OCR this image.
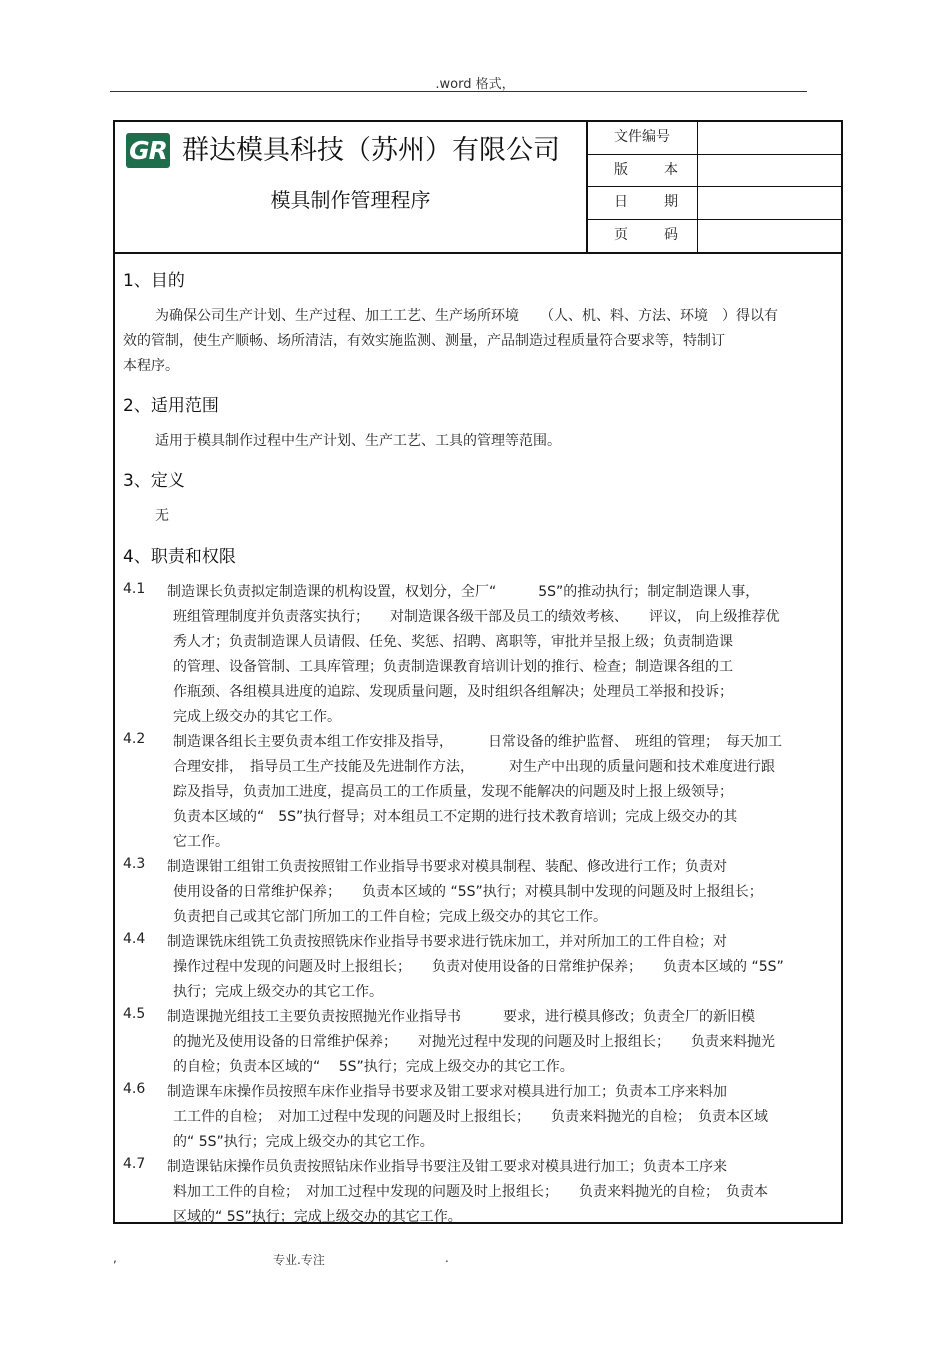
.word 格式，
GR 群达模具科技（苏州）有限公司
模具制作管理程序
文件编号
版	本
日	期
页	码
1、目的
为确保公司生产计划、生产过程、加工工艺、生产场所环境　　（人、机、料、方法、环境　）得以有
效的管制，使生产顺畅、场所清洁，有效实施监测、测量，产品制造过程质量符合要求等，特制订
本程序。
2、适用范围
适用于模具制作过程中生产计划、生产工艺、工具的管理等范围。
3、定义
无
4、职责和权限
4.1 制造课长负责拟定制造课的机构设置，权划分，全厂“　　　5S”的推动执行；制定制造课人事，
班组管理制度并负责落实执行；　　对制造课各级干部及员工的绩效考核、　　评议， 向上级推荐优
秀人才；负责制造课人员请假、任免、奖惩、招聘、离职等，审批并呈报上级；负责制造课
的管理、设备管制、工具库管理；负责制造课教育培训计划的推行、检查；制造课各组的工
作瓶颈、各组模具进度的追踪、发现质量问题，及时组织各组解决；处理员工举报和投诉；
完成上级交办的其它工作。
4.2 制造课各组长主要负责本组工作安排及指导，　　　日常设备的维护监督、　班组的管理；　每天加工
合理安排，　指导员工生产技能及先进制作方法，　　　对生产中出现的质量问题和技术难度进行跟
踪及指导，负责加工进度，提高员工的工作质量，发现不能解决的问题及时上报上级领导；
负责本区域的“　5S”执行督导；对本组员工不定期的进行技术教育培训；完成上级交办的其
它工作。
4.3 制造课钳工组钳工负责按照钳工作业指导书要求对模具制程、装配、修改进行工作；负责对
使用设备的日常维护保养；　　负责本区域的 “5S”执行；对模具制中发现的问题及时上报组长；
负责把自己或其它部门所加工的工件自检；完成上级交办的其它工作。
4.4 制造课铣床组铣工负责按照铣床作业指导书要求进行铣床加工，并对所加工的工件自检；对
操作过程中发现的问题及时上报组长；　　负责对使用设备的日常维护保养；　　负责本区域的 “5S”
执行；完成上级交办的其它工作。
4.5 制造课抛光组技工主要负责按照抛光作业指导书　　　要求，进行模具修改；负责全厂的新旧模
的抛光及使用设备的日常维护保养；　　对抛光过程中发现的问题及时上报组长；　　负责来料抛光
的自检；负责本区域的“　 5S”执行；完成上级交办的其它工作。
4.6 制造课车床操作员按照车床作业指导书要求及钳工要求对模具进行加工；负责本工序来料加
工工件的自检；　对加工过程中发现的问题及时上报组长；　　负责来料抛光的自检；　负责本区域
的“ 5S”执行；完成上级交办的其它工作。
4.7 制造课钻床操作员负责按照钻床作业指导书要注及钳工要求对模具进行加工；负责本工序来
料加工工件的自检；　对加工过程中发现的问题及时上报组长；　　负责来料抛光的自检；　负责本
区域的“ 5S”执行；完成上级交办的其它工作。
,	专业.专注	.
